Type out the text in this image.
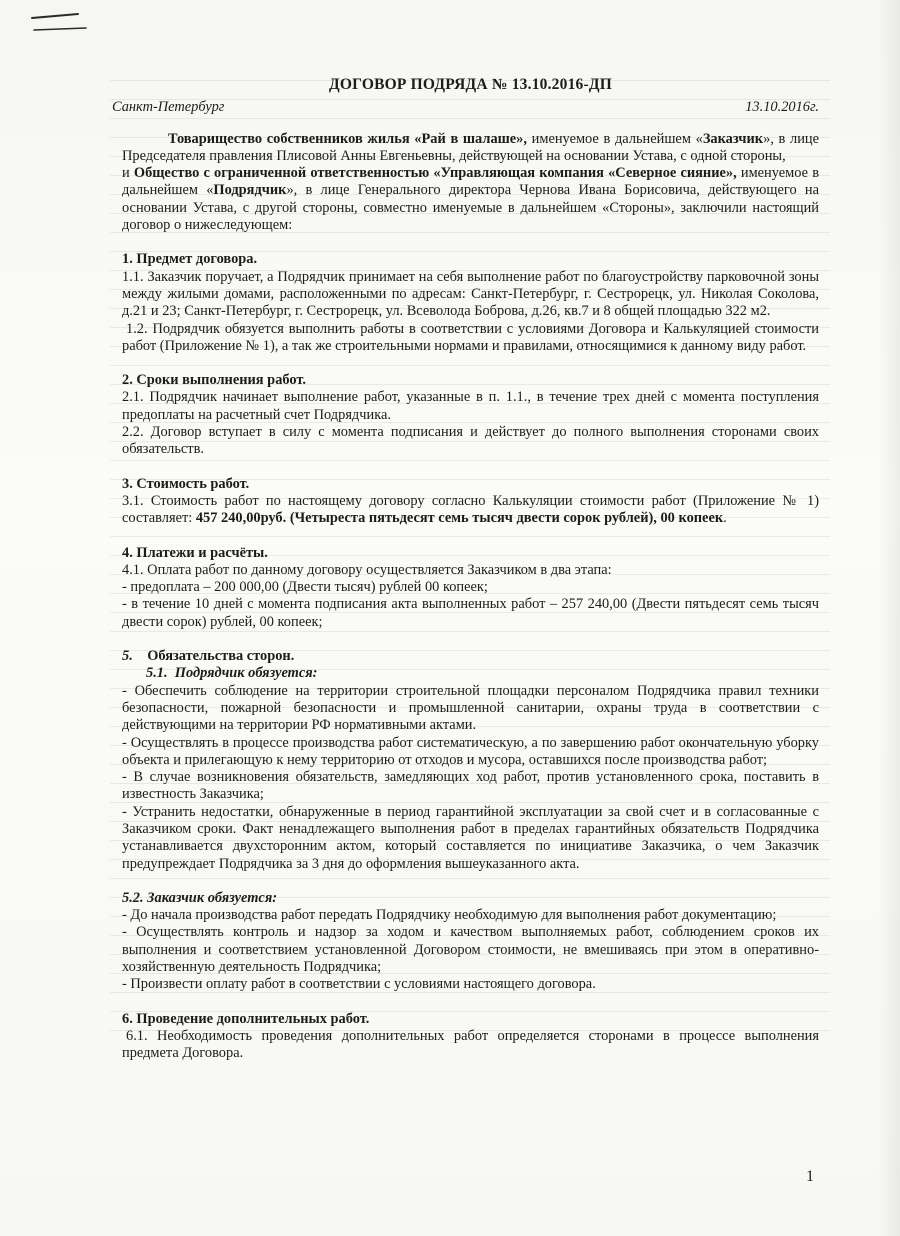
ДОГОВОР ПОДРЯДА № 13.10.2016-ДП
Санкт-Петербург	13.10.2016г.

Товарищество собственников жилья «Рай в шалаше», именуемое в дальнейшем «Заказчик», в лице Председателя правления Плисовой Анны Евгеньевны, действующей на основании Устава, с одной стороны,

и Общество с ограниченной ответственностью «Управляющая компания «Северное сияние», именуемое в дальнейшем «Подрядчик», в лице Генерального директора Чернова Ивана Борисовича, действующего на основании Устава, с другой стороны, совместно именуемые в дальнейшем «Стороны», заключили настоящий договор о нижеследующем:

1. Предмет договора.

1.1. Заказчик поручает, а Подрядчик принимает на себя выполнение работ по благоустройству парковочной зоны между жилыми домами, расположенными по адресам: Санкт-Петербург, г. Сестрорецк, ул. Николая Соколова, д.21 и 23; Санкт-Петербург, г. Сестрорецк, ул. Всеволода Боброва, д.26, кв.7 и 8 общей площадью 322 м2.

1.2. Подрядчик обязуется выполнить работы в соответствии с условиями Договора и Калькуляцией стоимости работ (Приложение № 1), а так же строительными нормами и правилами, относящимися к данному виду работ.

2. Сроки выполнения работ.

2.1. Подрядчик начинает выполнение работ, указанные в п. 1.1., в течение трех дней с момента поступления предоплаты на расчетный счет Подрядчика.

2.2. Договор вступает в силу с момента подписания и действует до полного выполнения сторонами своих обязательств.

3. Стоимость работ.

3.1. Стоимость работ по настоящему договору согласно Калькуляции стоимости работ (Приложение № 1) составляет: 457 240,00руб. (Четыреста пятьдесят семь тысяч двести сорок рублей), 00 копеек.

4. Платежи и расчёты.

4.1. Оплата работ по данному договору осуществляется Заказчиком в два этапа:

- предоплата – 200 000,00 (Двести тысяч) рублей 00 копеек;

- в течение 10 дней с момента подписания акта выполненных работ – 257 240,00 (Двести пятьдесят семь тысяч двести сорок) рублей, 00 копеек;

5. Обязательства сторон.
5.1. Подрядчик обязуется:

- Обеспечить соблюдение на территории строительной площадки персоналом Подрядчика правил техники безопасности, пожарной безопасности и промышленной санитарии, охраны труда в соответствии с действующими на территории РФ нормативными актами.

- Осуществлять в процессе производства работ систематическую, а по завершению работ окончательную уборку объекта и прилегающую к нему территорию от отходов и мусора, оставшихся после производства работ;

- В случае возникновения обязательств, замедляющих ход работ, против установленного срока, поставить в известность Заказчика;

- Устранить недостатки, обнаруженные в период гарантийной эксплуатации за свой счет и в согласованные с Заказчиком сроки. Факт ненадлежащего выполнения работ в пределах гарантийных обязательств Подрядчика устанавливается двухсторонним актом, который составляется по инициативе Заказчика, о чем Заказчик предупреждает Подрядчика за 3 дня до оформления вышеуказанного акта.

5.2. Заказчик обязуется:

- До начала производства работ передать Подрядчику необходимую для выполнения работ документацию;

- Осуществлять контроль и надзор за ходом и качеством выполняемых работ, соблюдением сроков их выполнения и соответствием установленной Договором стоимости, не вмешиваясь при этом в оперативно-хозяйственную деятельность Подрядчика;

- Произвести оплату работ в соответствии с условиями настоящего договора.

6. Проведение дополнительных работ.

6.1. Необходимость проведения дополнительных работ определяется сторонами в процессе выполнения предмета Договора.

1
